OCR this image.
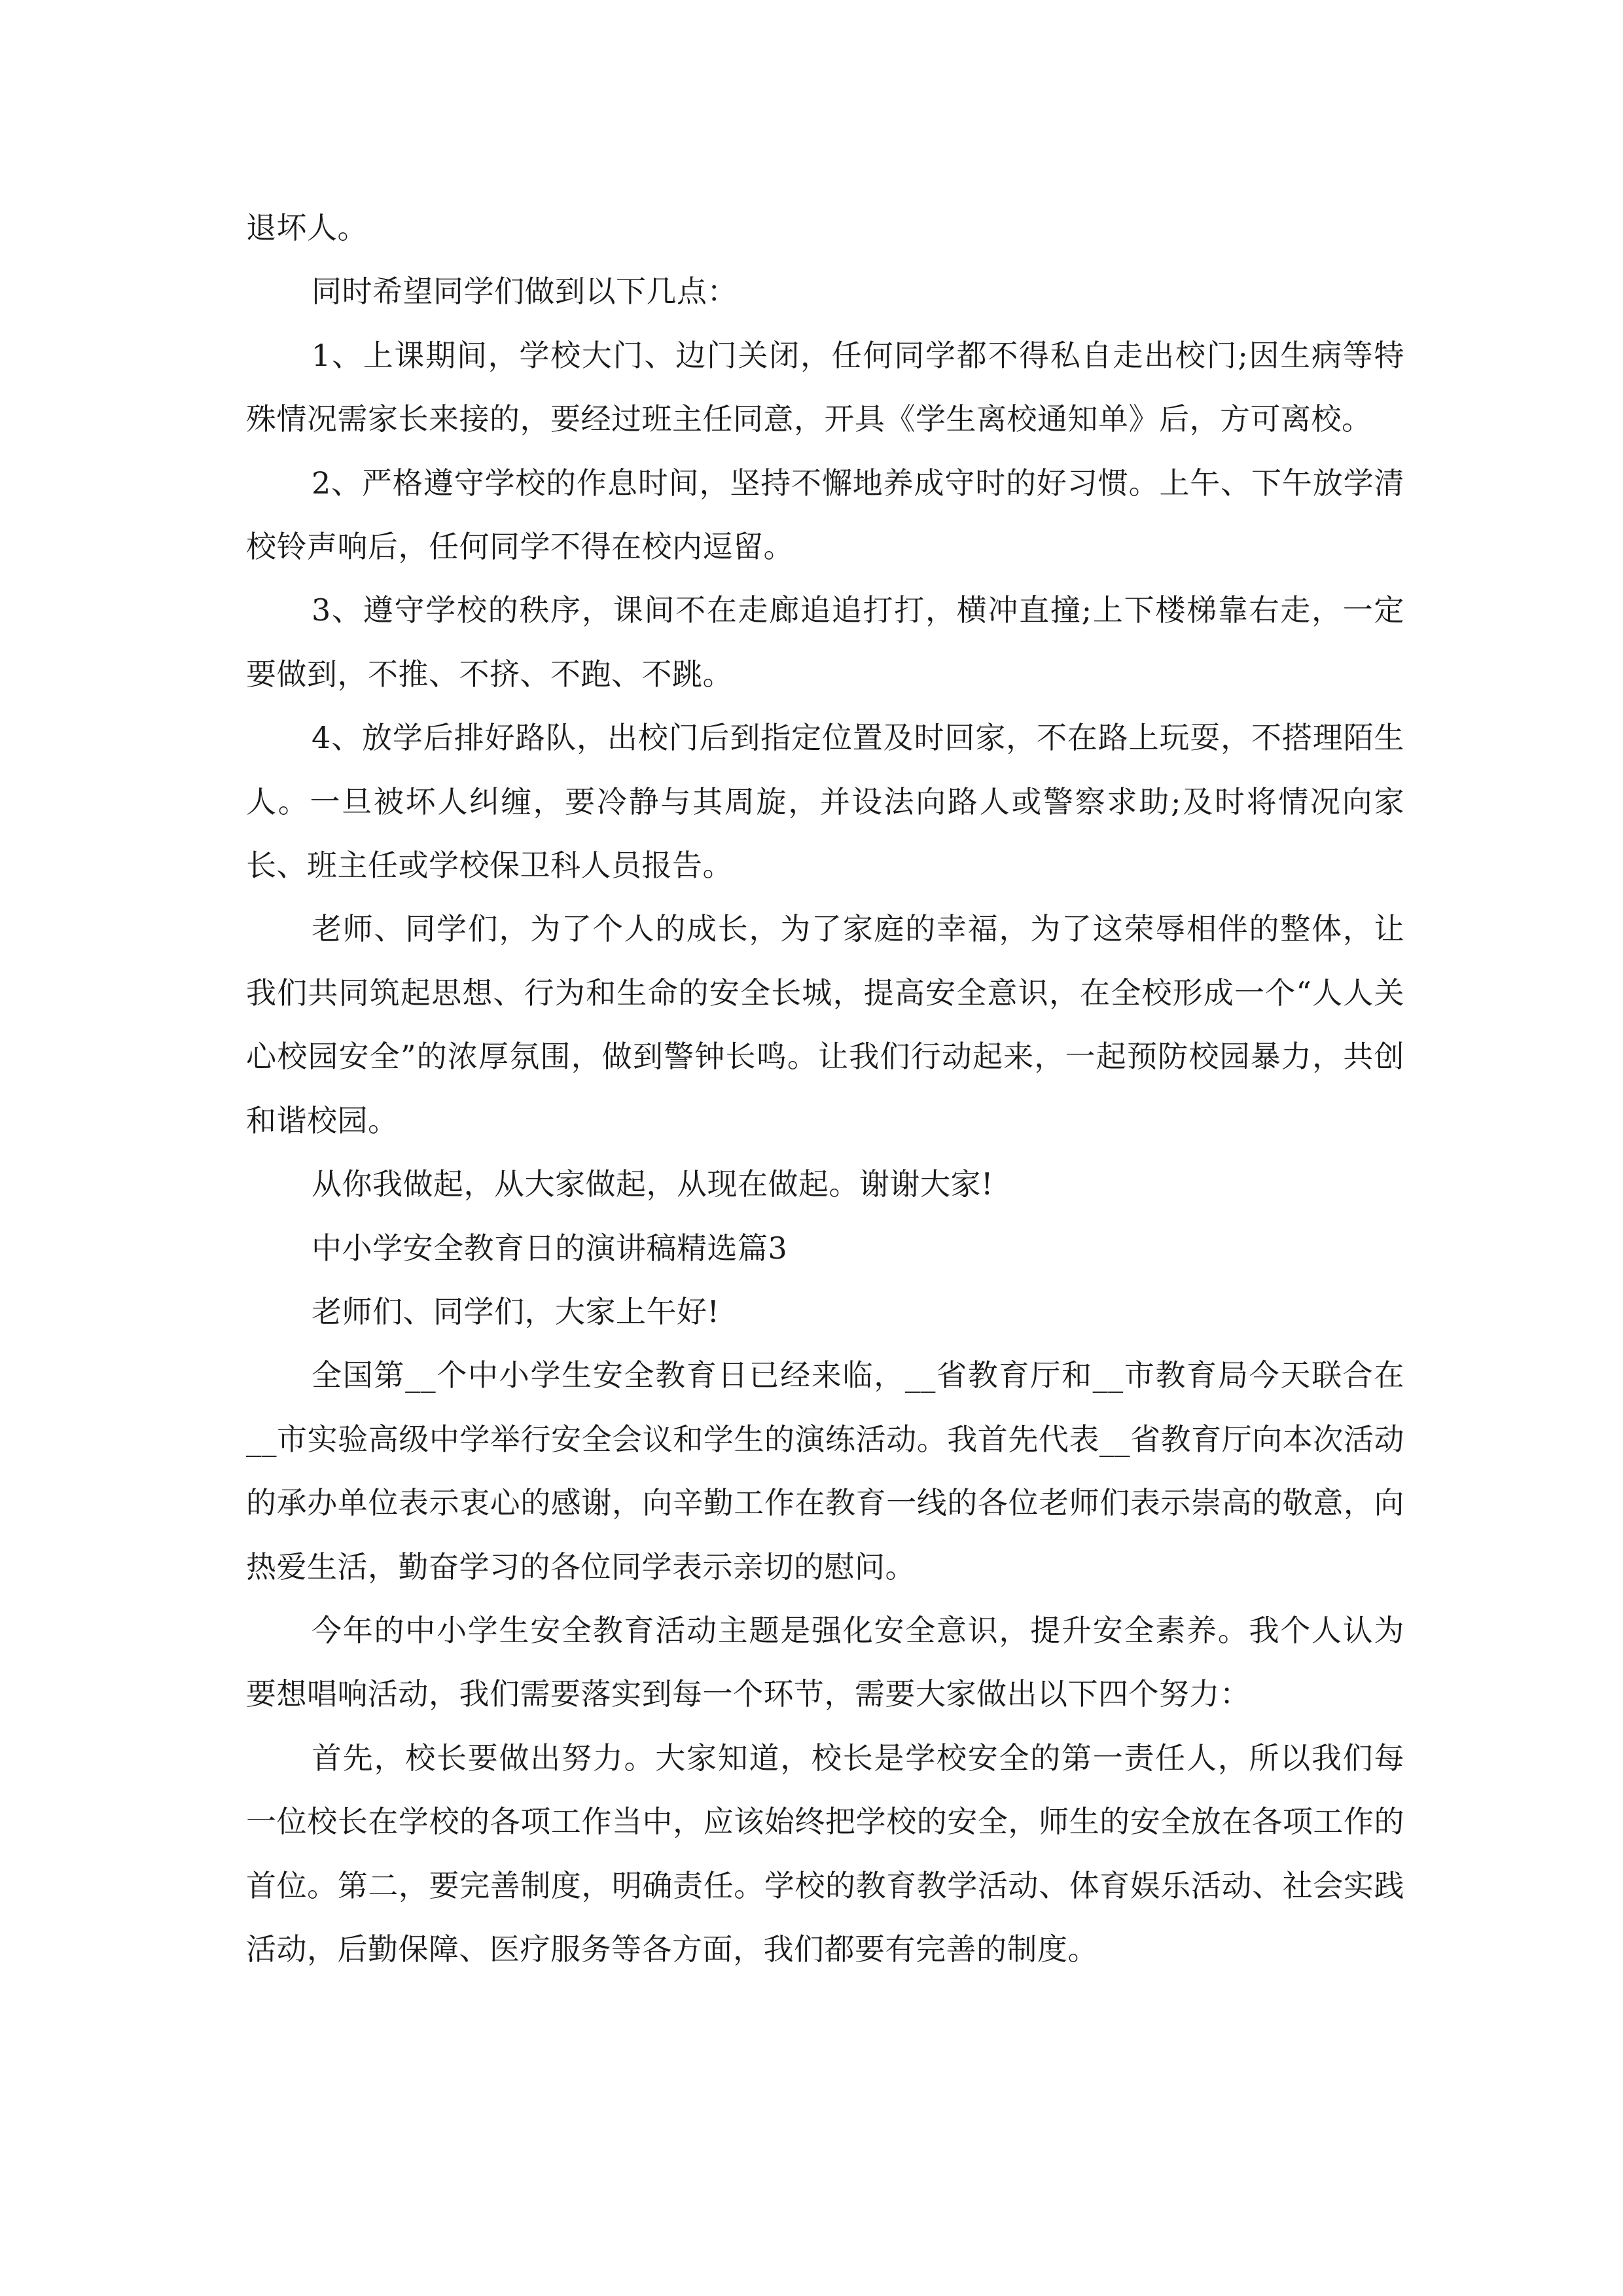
退坏人。

同时希望同学们做到以下几点：

1、上课期间，学校大门、边门关闭，任何同学都不得私自走出校门;因生病等特殊情况需家长来接的，要经过班主任同意，开具《学生离校通知单》后，方可离校。

2、严格遵守学校的作息时间，坚持不懈地养成守时的好习惯。上午、下午放学清校铃声响后，任何同学不得在校内逗留。

3、遵守学校的秩序，课间不在走廊追追打打，横冲直撞;上下楼梯靠右走，一定要做到，不推、不挤、不跑、不跳。

4、放学后排好路队，出校门后到指定位置及时回家，不在路上玩耍，不搭理陌生人。一旦被坏人纠缠，要冷静与其周旋，并设法向路人或警察求助;及时将情况向家长、班主任或学校保卫科人员报告。

老师、同学们，为了个人的成长，为了家庭的幸福，为了这荣辱相伴的整体，让我们共同筑起思想、行为和生命的安全长城，提高安全意识，在全校形成一个“人人关心校园安全”的浓厚氛围，做到警钟长鸣。让我们行动起来，一起预防校园暴力，共创和谐校园。

从你我做起，从大家做起，从现在做起。谢谢大家!

中小学安全教育日的演讲稿精选篇3

老师们、同学们，大家上午好!

全国第__个中小学生安全教育日已经来临，__省教育厅和__市教育局今天联合在__市实验高级中学举行安全会议和学生的演练活动。我首先代表__省教育厅向本次活动的承办单位表示衷心的感谢，向辛勤工作在教育一线的各位老师们表示崇高的敬意，向热爱生活，勤奋学习的各位同学表示亲切的慰问。

今年的中小学生安全教育活动主题是强化安全意识，提升安全素养。我个人认为要想唱响活动，我们需要落实到每一个环节，需要大家做出以下四个努力：

首先，校长要做出努力。大家知道，校长是学校安全的第一责任人，所以我们每一位校长在学校的各项工作当中，应该始终把学校的安全，师生的安全放在各项工作的首位。第二，要完善制度，明确责任。学校的教育教学活动、体育娱乐活动、社会实践活动，后勤保障、医疗服务等各方面，我们都要有完善的制度。
